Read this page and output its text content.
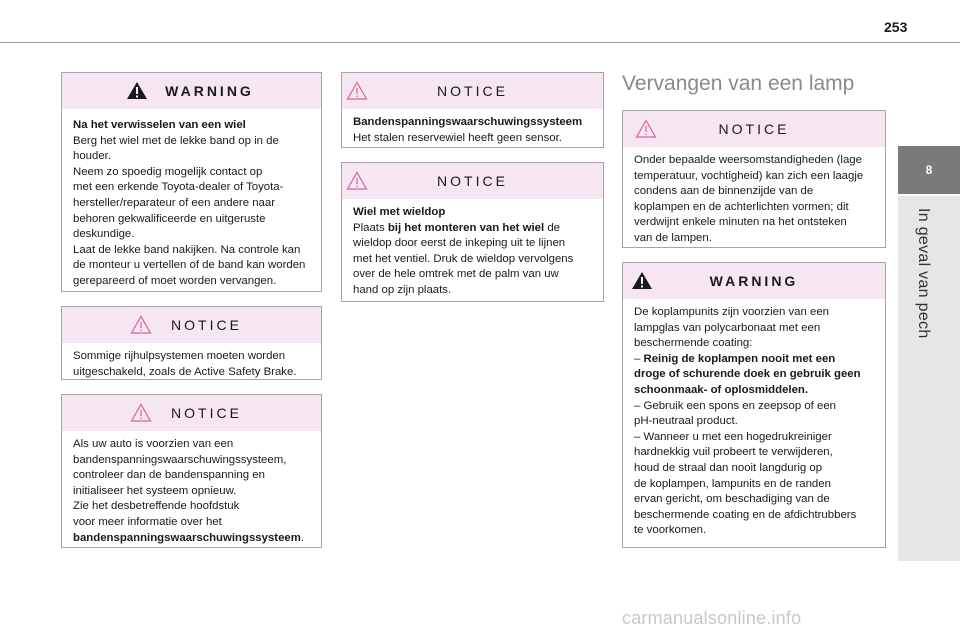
253
8
In geval van pech
WARNING

Na het verwisselen van een wiel

Berg het wiel met de lekke band op in de

houder.

Neem zo spoedig mogelijk contact op

met een erkende Toyota-dealer of Toyota-

hersteller/reparateur of een andere naar

behoren gekwalificeerde en uitgeruste

deskundige.

Laat de lekke band nakijken. Na controle kan

de monteur u vertellen of de band kan worden

gerepareerd of moet worden vervangen.

NOTICE

Sommige rijhulpsystemen moeten worden

uitgeschakeld, zoals de Active Safety Brake.

NOTICE

Als uw auto is voorzien van een

bandenspanningswaarschuwingssysteem,

controleer dan de bandenspanning en

initialiseer het systeem opnieuw.

Zie het desbetreffende hoofdstuk

voor meer informatie over het

bandenspanningswaarschuwingssysteem.

NOTICE

Bandenspanningswaarschuwingssysteem

Het stalen reservewiel heeft geen sensor.

NOTICE

Wiel met wieldop

Plaats bij het monteren van het wiel de

wieldop door eerst de inkeping uit te lijnen

met het ventiel. Druk de wieldop vervolgens

over de hele omtrek met de palm van uw

hand op zijn plaats.

Vervangen van een lamp
NOTICE

Onder bepaalde weersomstandigheden (lage

temperatuur, vochtigheid) kan zich een laagje

condens aan de binnenzijde van de

koplampen en de achterlichten vormen; dit

verdwijnt enkele minuten na het ontsteken

van de lampen.

WARNING

De koplampunits zijn voorzien van een

lampglas van polycarbonaat met een

beschermende coating:

– Reinig de koplampen nooit met een

droge of schurende doek en gebruik geen

schoonmaak- of oplosmiddelen.

– Gebruik een spons en zeepsop of een

pH-neutraal product.

– Wanneer u met een hogedrukreiniger

hardnekkig vuil probeert te verwijderen,

houd de straal dan nooit langdurig op

de koplampen, lampunits en de randen

ervan gericht, om beschadiging van de

beschermende coating en de afdichtrubbers

te voorkomen.

carmanualsonline.info
